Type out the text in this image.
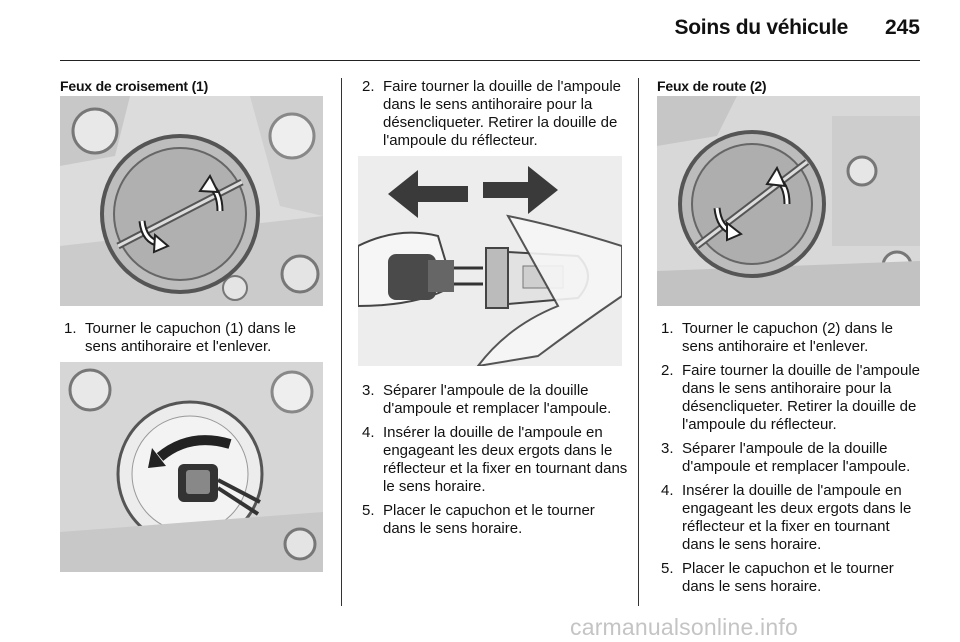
Soins du véhicule 245
Feux de croisement (1)
1. Tourner le capuchon (1) dans le sens antihoraire et l'enlever.
2. Faire tourner la douille de l'ampoule dans le sens antihoraire pour la désencliqueter. Retirer la douille de l'ampoule du réflecteur.
3. Séparer l'ampoule de la douille d'ampoule et remplacer l'ampoule.
4. Insérer la douille de l'ampoule en engageant les deux ergots dans le réflecteur et la fixer en tournant dans le sens horaire.
5. Placer le capuchon et le tourner dans le sens horaire.
Feux de route (2)
1. Tourner le capuchon (2) dans le sens antihoraire et l'enlever.
2. Faire tourner la douille de l'ampoule dans le sens antihoraire pour la désencliqueter. Retirer la douille de l'ampoule du réflecteur.
3. Séparer l'ampoule de la douille d'ampoule et remplacer l'ampoule.
4. Insérer la douille de l'ampoule en engageant les deux ergots dans le réflecteur et la fixer en tournant dans le sens horaire.
5. Placer le capuchon et le tourner dans le sens horaire.
carmanualsonline.info
